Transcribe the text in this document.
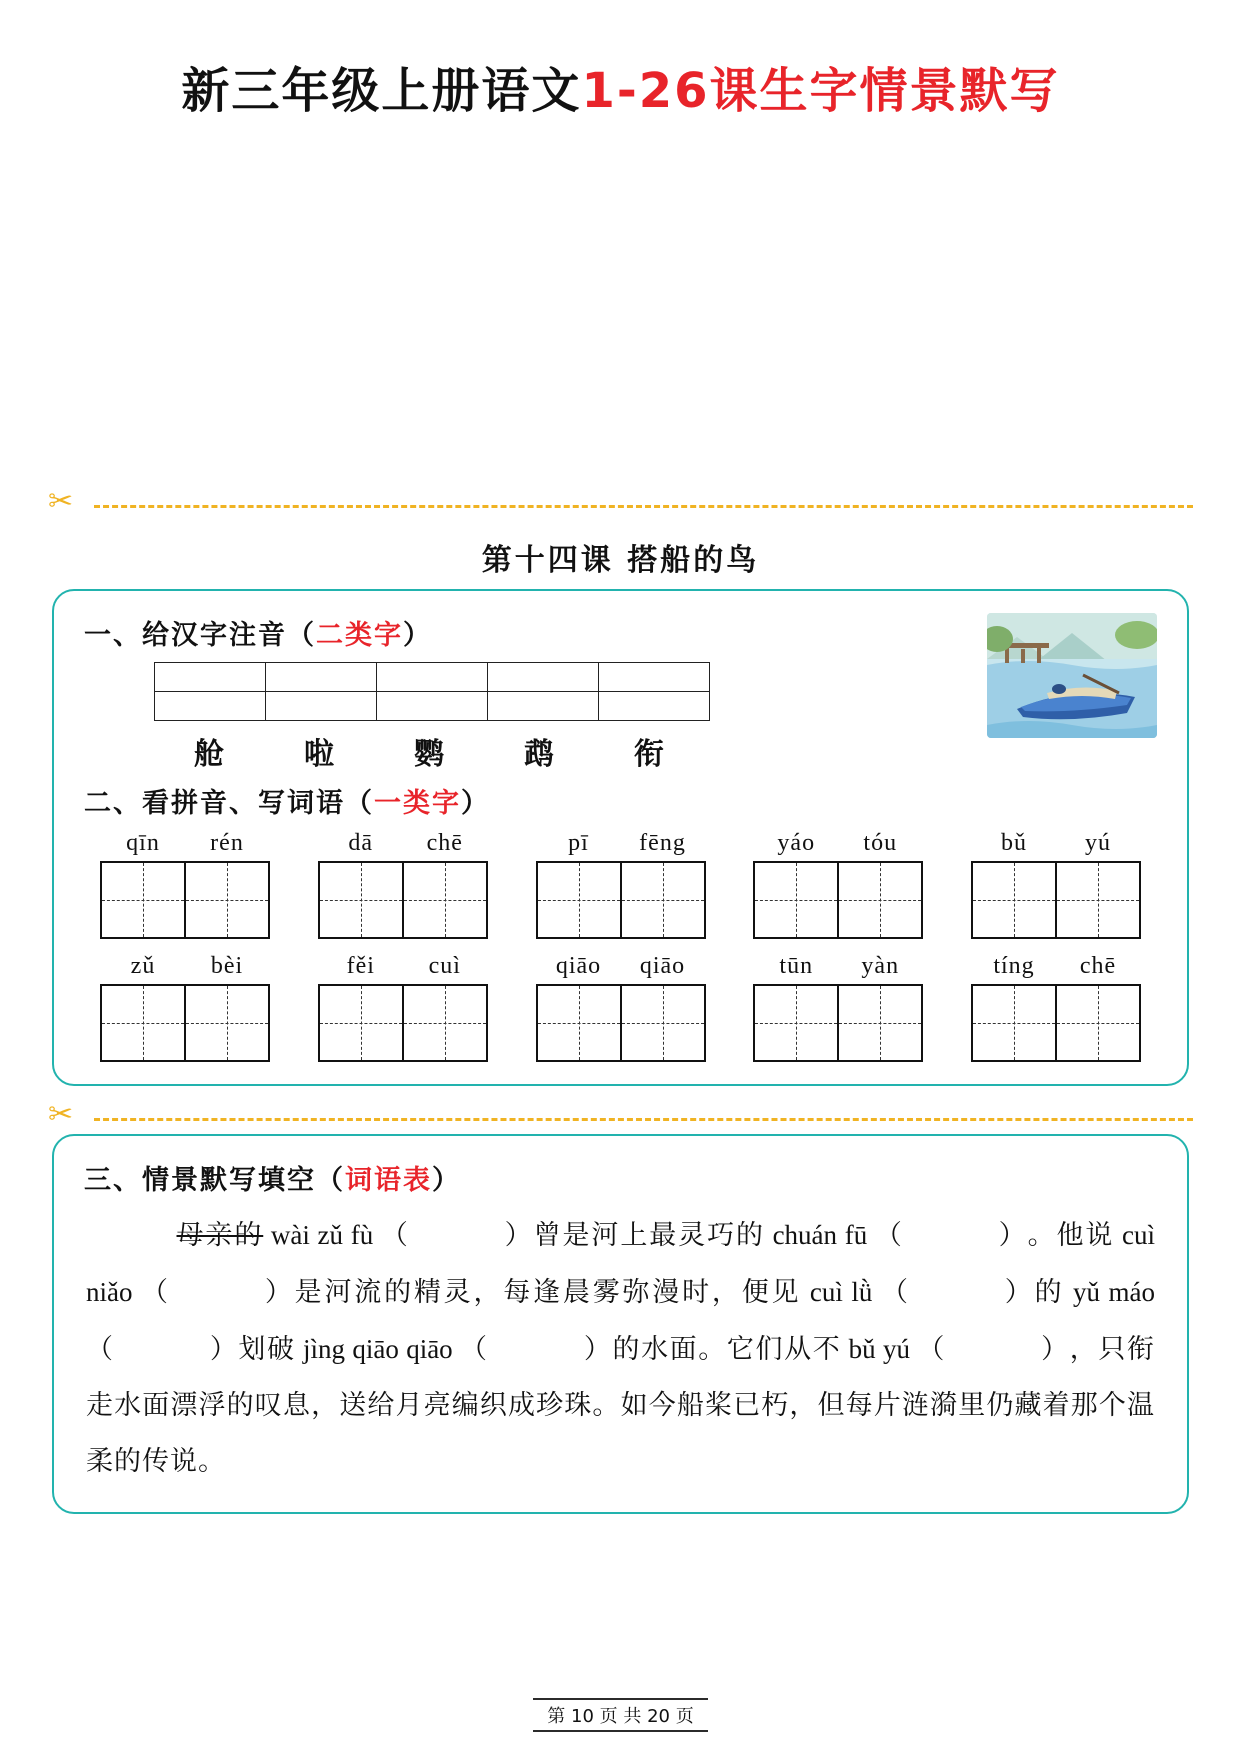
新三年级上册语文1-26课生字情景默写
✂
第十四课 搭船的鸟
一、给汉字注音（二类字）

舱	啦	鹦	鹉	衔
二、看拼音、写词语（一类字）
qīn	rén	dā	chē	pī	fēng	yáo	tóu	bǔ	yú
zǔ	bèi	fěi	cuì	qiāo	qiāo	tūn	yàn	tíng	chē
✂
三、情景默写填空（词语表）
母亲的 wài zǔ fù （          ）曾是河上最灵巧的 chuán fū （          ）。他说 cuì niǎo （          ）是河流的精灵，每逢晨雾弥漫时，便见 cuì lǜ （          ）的 yǔ máo （          ）划破 jìng qiāo qiāo （          ）的水面。它们从不 bǔ yú （          ），只衔走水面漂浮的叹息，送给月亮编织成珍珠。如今船桨已朽，但每片涟漪里仍藏着那个温柔的传说。

第 10 页 共 20 页
